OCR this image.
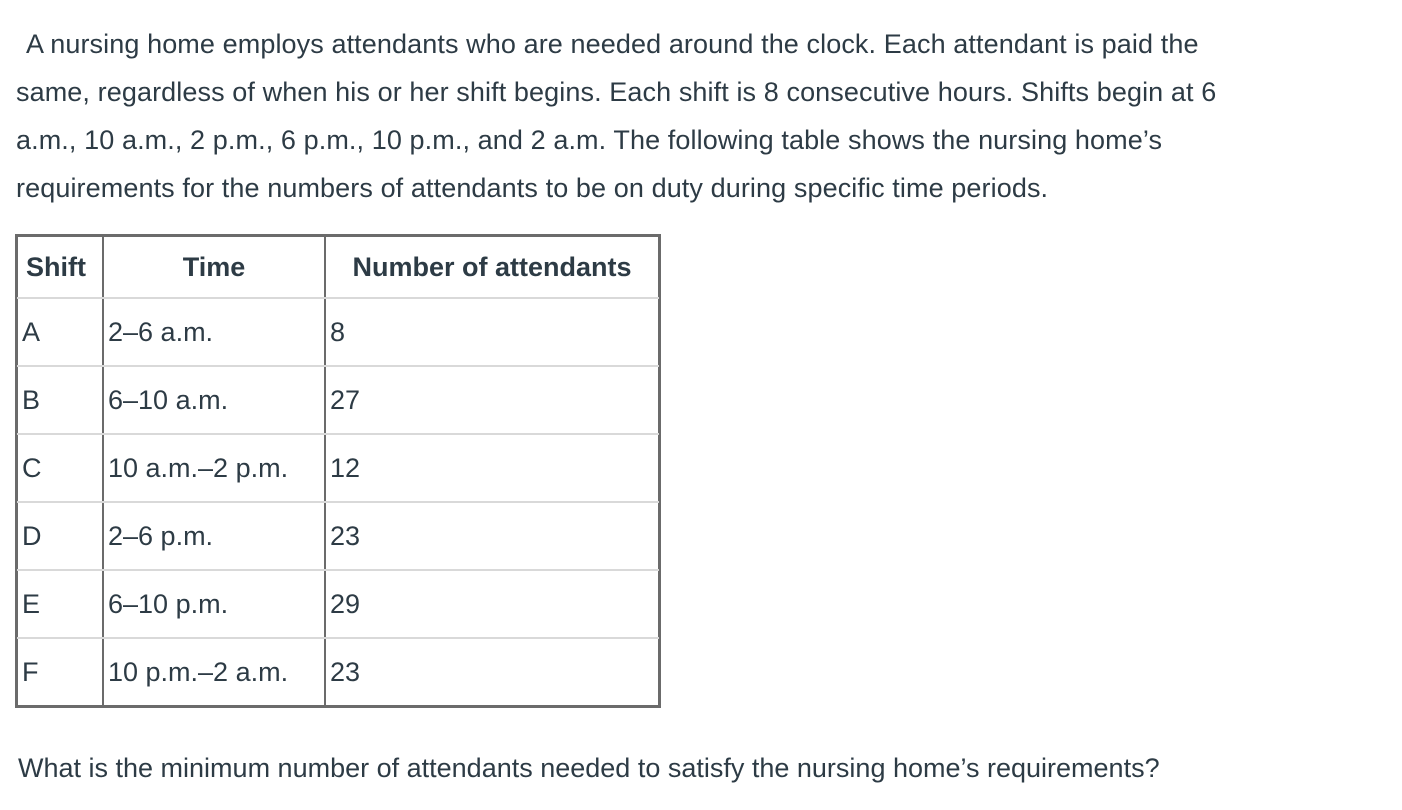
A nursing home employs attendants who are needed around the clock. Each attendant is paid the
same, regardless of when his or her shift begins. Each shift is 8 consecutive hours. Shifts begin at 6
a.m., 10 a.m., 2 p.m., 6 p.m., 10 p.m., and 2 a.m. The following table shows the nursing home’s
requirements for the numbers of attendants to be on duty during specific time periods.

Shift	Time	Number of attendants
A	2–6 a.m.	8
B	6–10 a.m.	27
C	10 a.m.–2 p.m.	12
D	2–6 p.m.	23
E	6–10 p.m.	29
F	10 p.m.–2 a.m.	23

What is the minimum number of attendants needed to satisfy the nursing home’s requirements?
